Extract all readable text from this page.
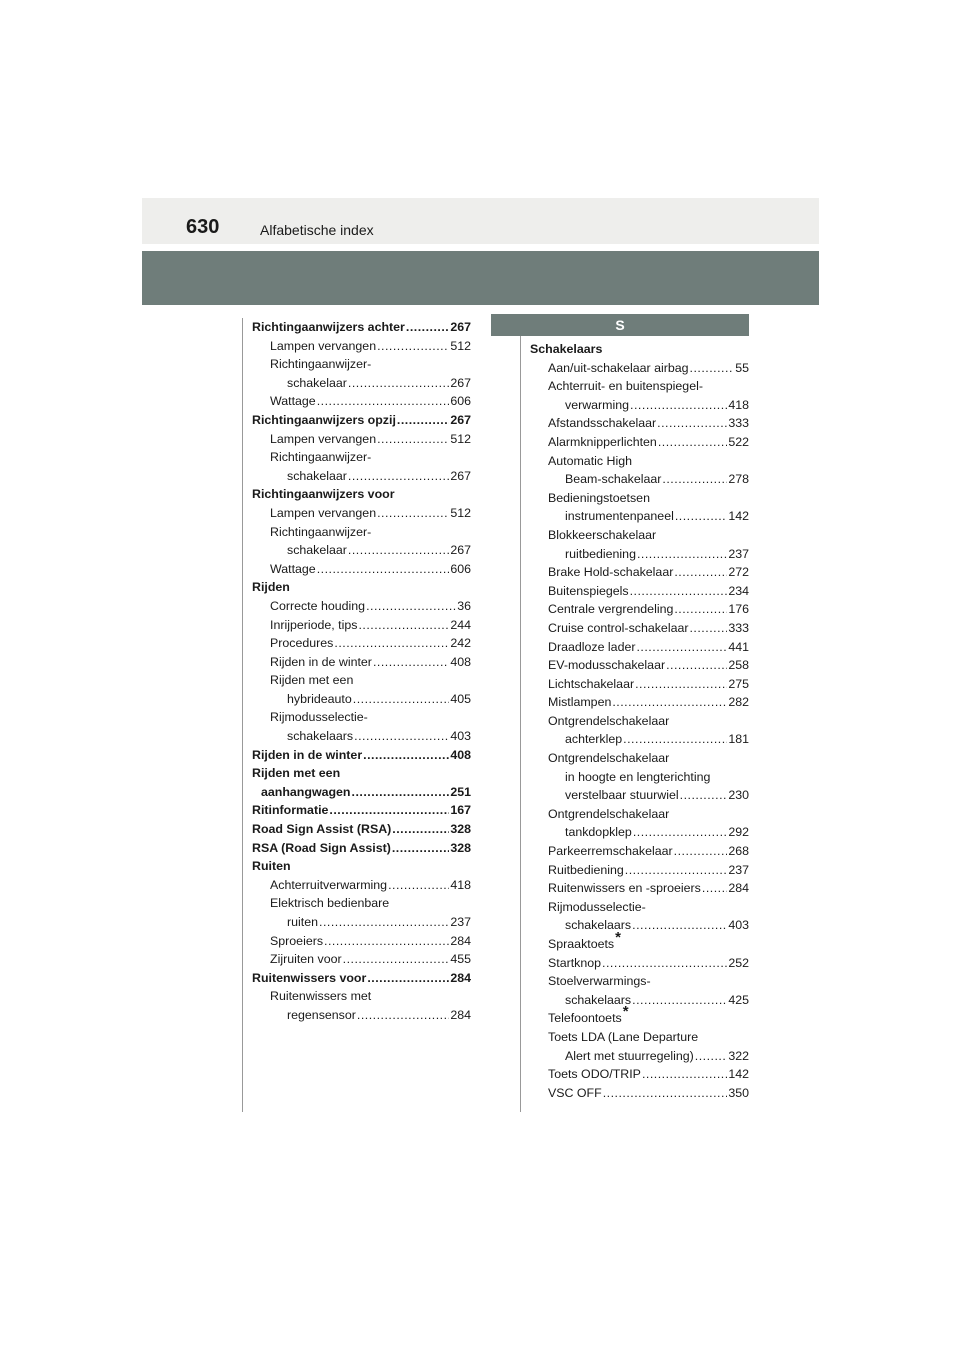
630	Alfabetische index
S
Richtingaanwijzers achter .....	267
Lampen vervangen .....	512
Richtingaanwijzer-
schakelaar .....	267
Wattage .....	606
Richtingaanwijzers opzij .....	267
Lampen vervangen .....	512
Richtingaanwijzer-
schakelaar .....	267
Richtingaanwijzers voor
Lampen vervangen .....	512
Richtingaanwijzer-
schakelaar .....	267
Wattage .....	606
Rijden
Correcte houding .....	36
Inrijperiode, tips .....	244
Procedures .....	242
Rijden in de winter .....	408
Rijden met een
hybrideauto .....	405
Rijmodusselectie-
schakelaars .....	403
Rijden in de winter .....	408
Rijden met een
aanhangwagen .....	251
Ritinformatie .....	167
Road Sign Assist (RSA) .....	328
RSA (Road Sign Assist) .....	328
Ruiten
Achterruitverwarming .....	418
Elektrisch bedienbare
ruiten .....	237
Sproeiers .....	284
Zijruiten voor .....	455
Ruitenwissers voor .....	284
Ruitenwissers met
regensensor .....	284
Schakelaars
Aan/uit-schakelaar airbag .....	55
Achterruit- en buitenspiegel-
verwarming .....	418
Afstandsschakelaar .....	333
Alarmknipperlichten .....	522
Automatic High
Beam-schakelaar .....	278
Bedieningstoetsen
instrumentenpaneel .....	142
Blokkeerschakelaar
ruitbediening .....	237
Brake Hold-schakelaar .....	272
Buitenspiegels .....	234
Centrale vergrendeling .....	176
Cruise control-schakelaar .....	333
Draadloze lader .....	441
EV-modusschakelaar .....	258
Lichtschakelaar .....	275
Mistlampen .....	282
Ontgrendelschakelaar
achterklep .....	181
Ontgrendelschakelaar
in hoogte en lengterichting
verstelbaar stuurwiel .....	230
Ontgrendelschakelaar
tankdopklep .....	292
Parkeerremschakelaar .....	268
Ruitbediening .....	237
Ruitenwissers en -sproeiers ..... 284
Rijmodusselectie-
schakelaars .....	403
Spraaktoets *
Startknop .....	252
Stoelverwarmings-
schakelaars .....	425
Telefoontoets *
Toets LDA (Lane Departure
Alert met stuurregeling) .....	322
Toets ODO/TRIP .....	142
VSC OFF .....	350
